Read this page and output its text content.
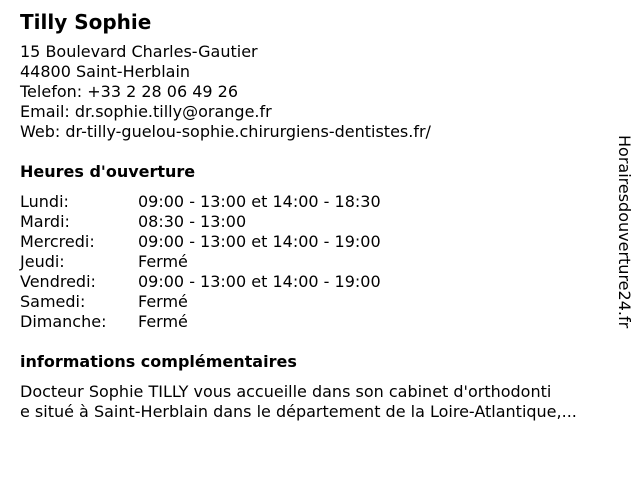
Tilly Sophie
15 Boulevard Charles-Gautier
44800 Saint-Herblain
Telefon: +33 2 28 06 49 26
Email: dr.sophie.tilly@orange.fr
Web: dr-tilly-guelou-sophie.chirurgiens-dentistes.fr/
Heures d'ouverture
Lundi:	09:00 - 13:00 et 14:00 - 18:30
Mardi:	08:30 - 13:00
Mercredi:	09:00 - 13:00 et 14:00 - 19:00
Jeudi:	Fermé
Vendredi:	09:00 - 13:00 et 14:00 - 19:00
Samedi:	Fermé
Dimanche:	Fermé
informations complémentaires
Docteur Sophie TILLY vous accueille dans son cabinet d'orthodonti
e situé à Saint-Herblain dans le département de la Loire-Atlantique,...
Horairesdouverture24.fr
